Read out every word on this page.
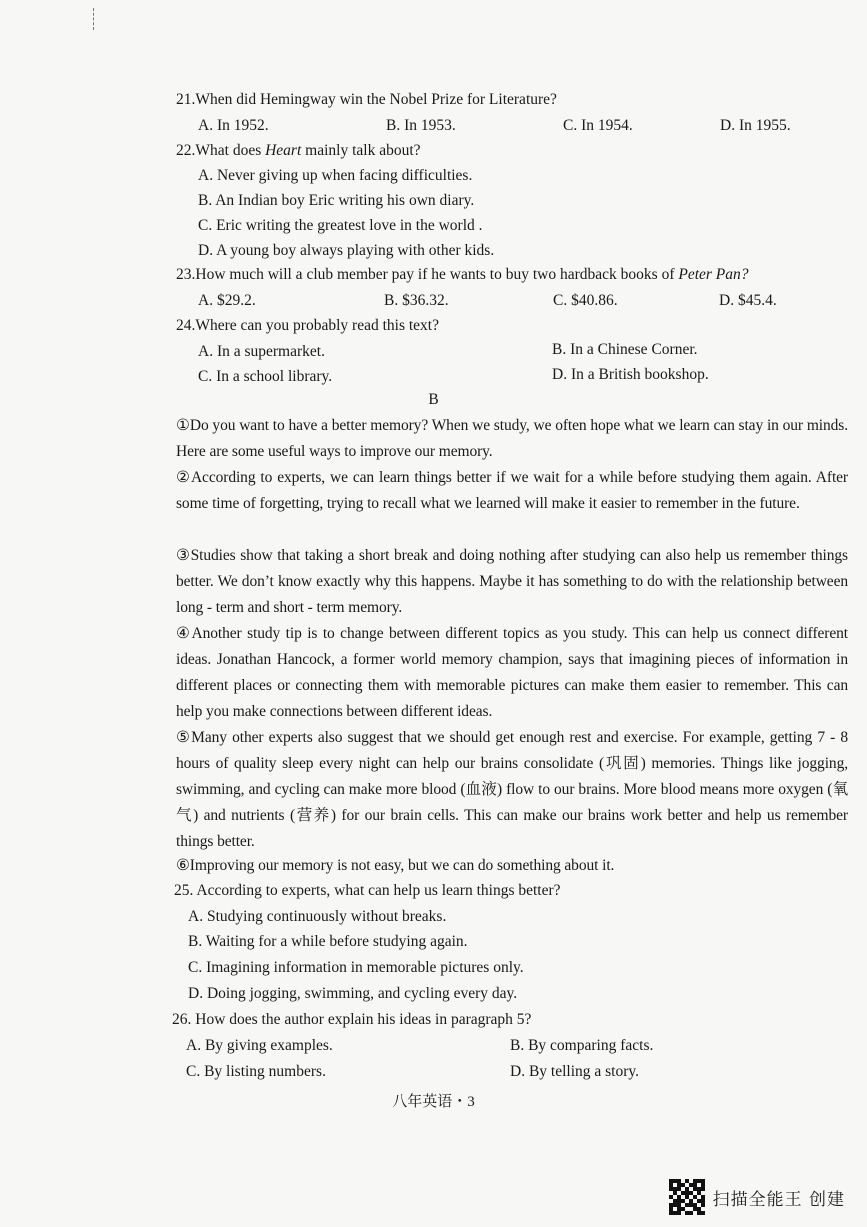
21.When did Hemingway win the Nobel Prize for Literature?
A. In 1952.	B. In 1953.	C. In 1954.	D. In 1955.
22.What does Heart mainly talk about?
A. Never giving up when facing difficulties.
B. An Indian boy Eric writing his own diary.
C. Eric writing the greatest love in the world .
D. A young boy always playing with other kids.
23.How much will a club member pay if he wants to buy two hardback books of Peter Pan?
A. $29.2.	B. $36.32.	C. $40.86.	D. $45.4.
24.Where can you probably read this text?
A. In a supermarket.	B. In a Chinese Corner.
C. In a school library.	D. In a British bookshop.
B
①Do you want to have a better memory? When we study, we often hope what we learn can stay in our minds. Here are some useful ways to improve our memory.
②According to experts, we can learn things better if we wait for a while before studying them again. After some time of forgetting, trying to recall what we learned will make it easier to remember in the future.
③Studies show that taking a short break and doing nothing after studying can also help us remember things better. We don’t know exactly why this happens. Maybe it has something to do with the relationship between long - term and short - term memory.
④Another study tip is to change between different topics as you study. This can help us connect different ideas. Jonathan Hancock, a former world memory champion, says that imagining pieces of information in different places or connecting them with memorable pictures can make them easier to remember. This can help you make connections between different ideas.
⑤Many other experts also suggest that we should get enough rest and exercise. For example, getting 7 - 8 hours of quality sleep every night can help our brains consolidate (巩固) memories. Things like jogging, swimming, and cycling can make more blood (血液) flow to our brains. More blood means more oxygen (氧气) and nutrients (营养) for our brain cells. This can make our brains work better and help us remember things better.
⑥Improving our memory is not easy, but we can do something about it.
25. According to experts, what can help us learn things better?
A. Studying continuously without breaks.
B. Waiting for a while before studying again.
C. Imagining information in memorable pictures only.
D. Doing jogging, swimming, and cycling every day.
26. How does the author explain his ideas in paragraph 5?
A. By giving examples.	B. By comparing facts.
C. By listing numbers.	D. By telling a story.
八年英语・3
扫描全能王 创建
